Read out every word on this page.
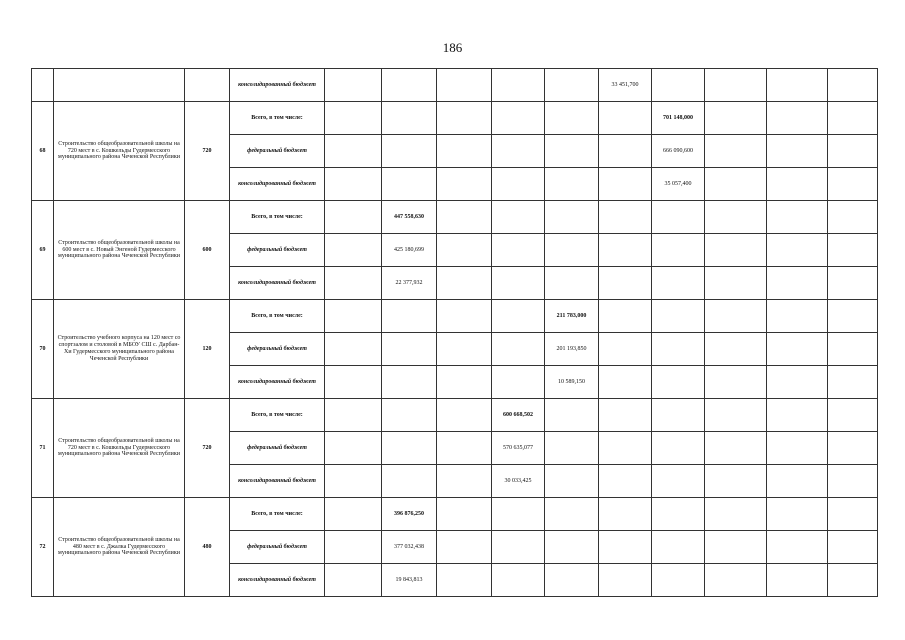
186
			консолидированный бюджет						33 451,700				
68	Строительство общеобразовательной школы на 720 мест в с. Кошкельды Гудермесского муниципального района Чеченской Республики	720	Всего, в том числе:							701 148,000			
			федеральный бюджет							666 090,600			
			консолидированный бюджет							35 057,400			
69	Строительство общеобразовательной школы на 600 мест в с. Новый Энгеной Гудермесского муниципального района Чеченской Республики	600	Всего, в том числе:		447 558,630								
			федеральный бюджет		425 180,699								
			консолидированный бюджет		22 377,932								
70	Строительство учебного корпуса на 120 мест со спортзалом и столовой в МБОУ СШ с. Дарбан-Хи Гудермесского муниципального района Чеченской Республики	120	Всего, в том числе:					211 783,000					
			федеральный бюджет					201 193,850					
			консолидированный бюджет					10 589,150					
71	Строительство общеобразовательной школы на 720 мест в с. Кошкельды Гудермесского муниципального района Чеченской Республики	720	Всего, в том числе:				600 668,502						
			федеральный бюджет				570 635,077						
			консолидированный бюджет				30 033,425						
72	Строительство общеобразовательной школы на 480 мест в с. Джалка Гудермесского муниципального района Чеченской Республики	480	Всего, в том числе:		396 876,250								
			федеральный бюджет		377 032,438								
			консолидированный бюджет		19 843,813								
